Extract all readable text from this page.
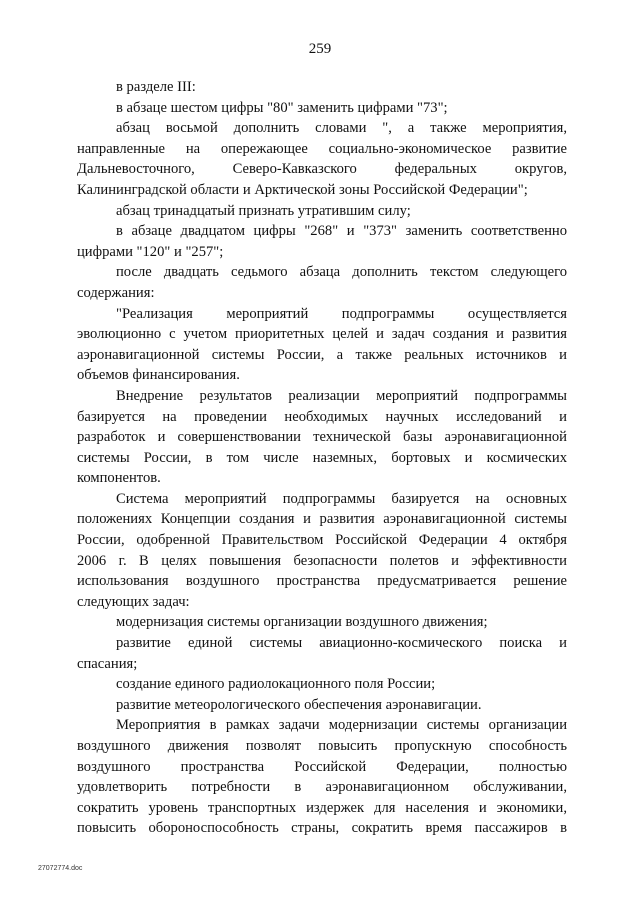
259

в разделе III:

в абзаце шестом цифры "80" заменить цифрами "73";

абзац восьмой дополнить словами ", а также мероприятия,
направленные на опережающее социально-экономическое развитие
Дальневосточного, Северо-Кавказского федеральных округов,
Калининградской области и Арктической зоны Российской Федерации";

абзац тринадцатый признать утратившим силу;

в абзаце двадцатом цифры "268" и "373" заменить соответственно
цифрами "120" и "257";

после двадцать седьмого абзаца дополнить текстом следующего
содержания:

"Реализация мероприятий подпрограммы осуществляется
эволюционно с учетом приоритетных целей и задач создания и развития
аэронавигационной системы России, а также реальных источников и
объемов финансирования.

Внедрение результатов реализации мероприятий подпрограммы
базируется на проведении необходимых научных исследований и
разработок и совершенствовании технической базы аэронавигационной
системы России, в том числе наземных, бортовых и космических
компонентов.

Система мероприятий подпрограммы базируется на основных
положениях Концепции создания и развития аэронавигационной системы
России, одобренной Правительством Российской Федерации 4 октября
2006 г. В целях повышения безопасности полетов и эффективности
использования воздушного пространства предусматривается решение
следующих задач:

модернизация системы организации воздушного движения;

развитие единой системы авиационно-космического поиска и
спасания;

создание единого радиолокационного поля России;

развитие метеорологического обеспечения аэронавигации.

Мероприятия в рамках задачи модернизации системы организации
воздушного движения позволят повысить пропускную способность
воздушного пространства Российской Федерации, полностью
удовлетворить потребности в аэронавигационном обслуживании,
сократить уровень транспортных издержек для населения и экономики,
повысить обороноспособность страны, сократить время пассажиров в

27072774.doc
